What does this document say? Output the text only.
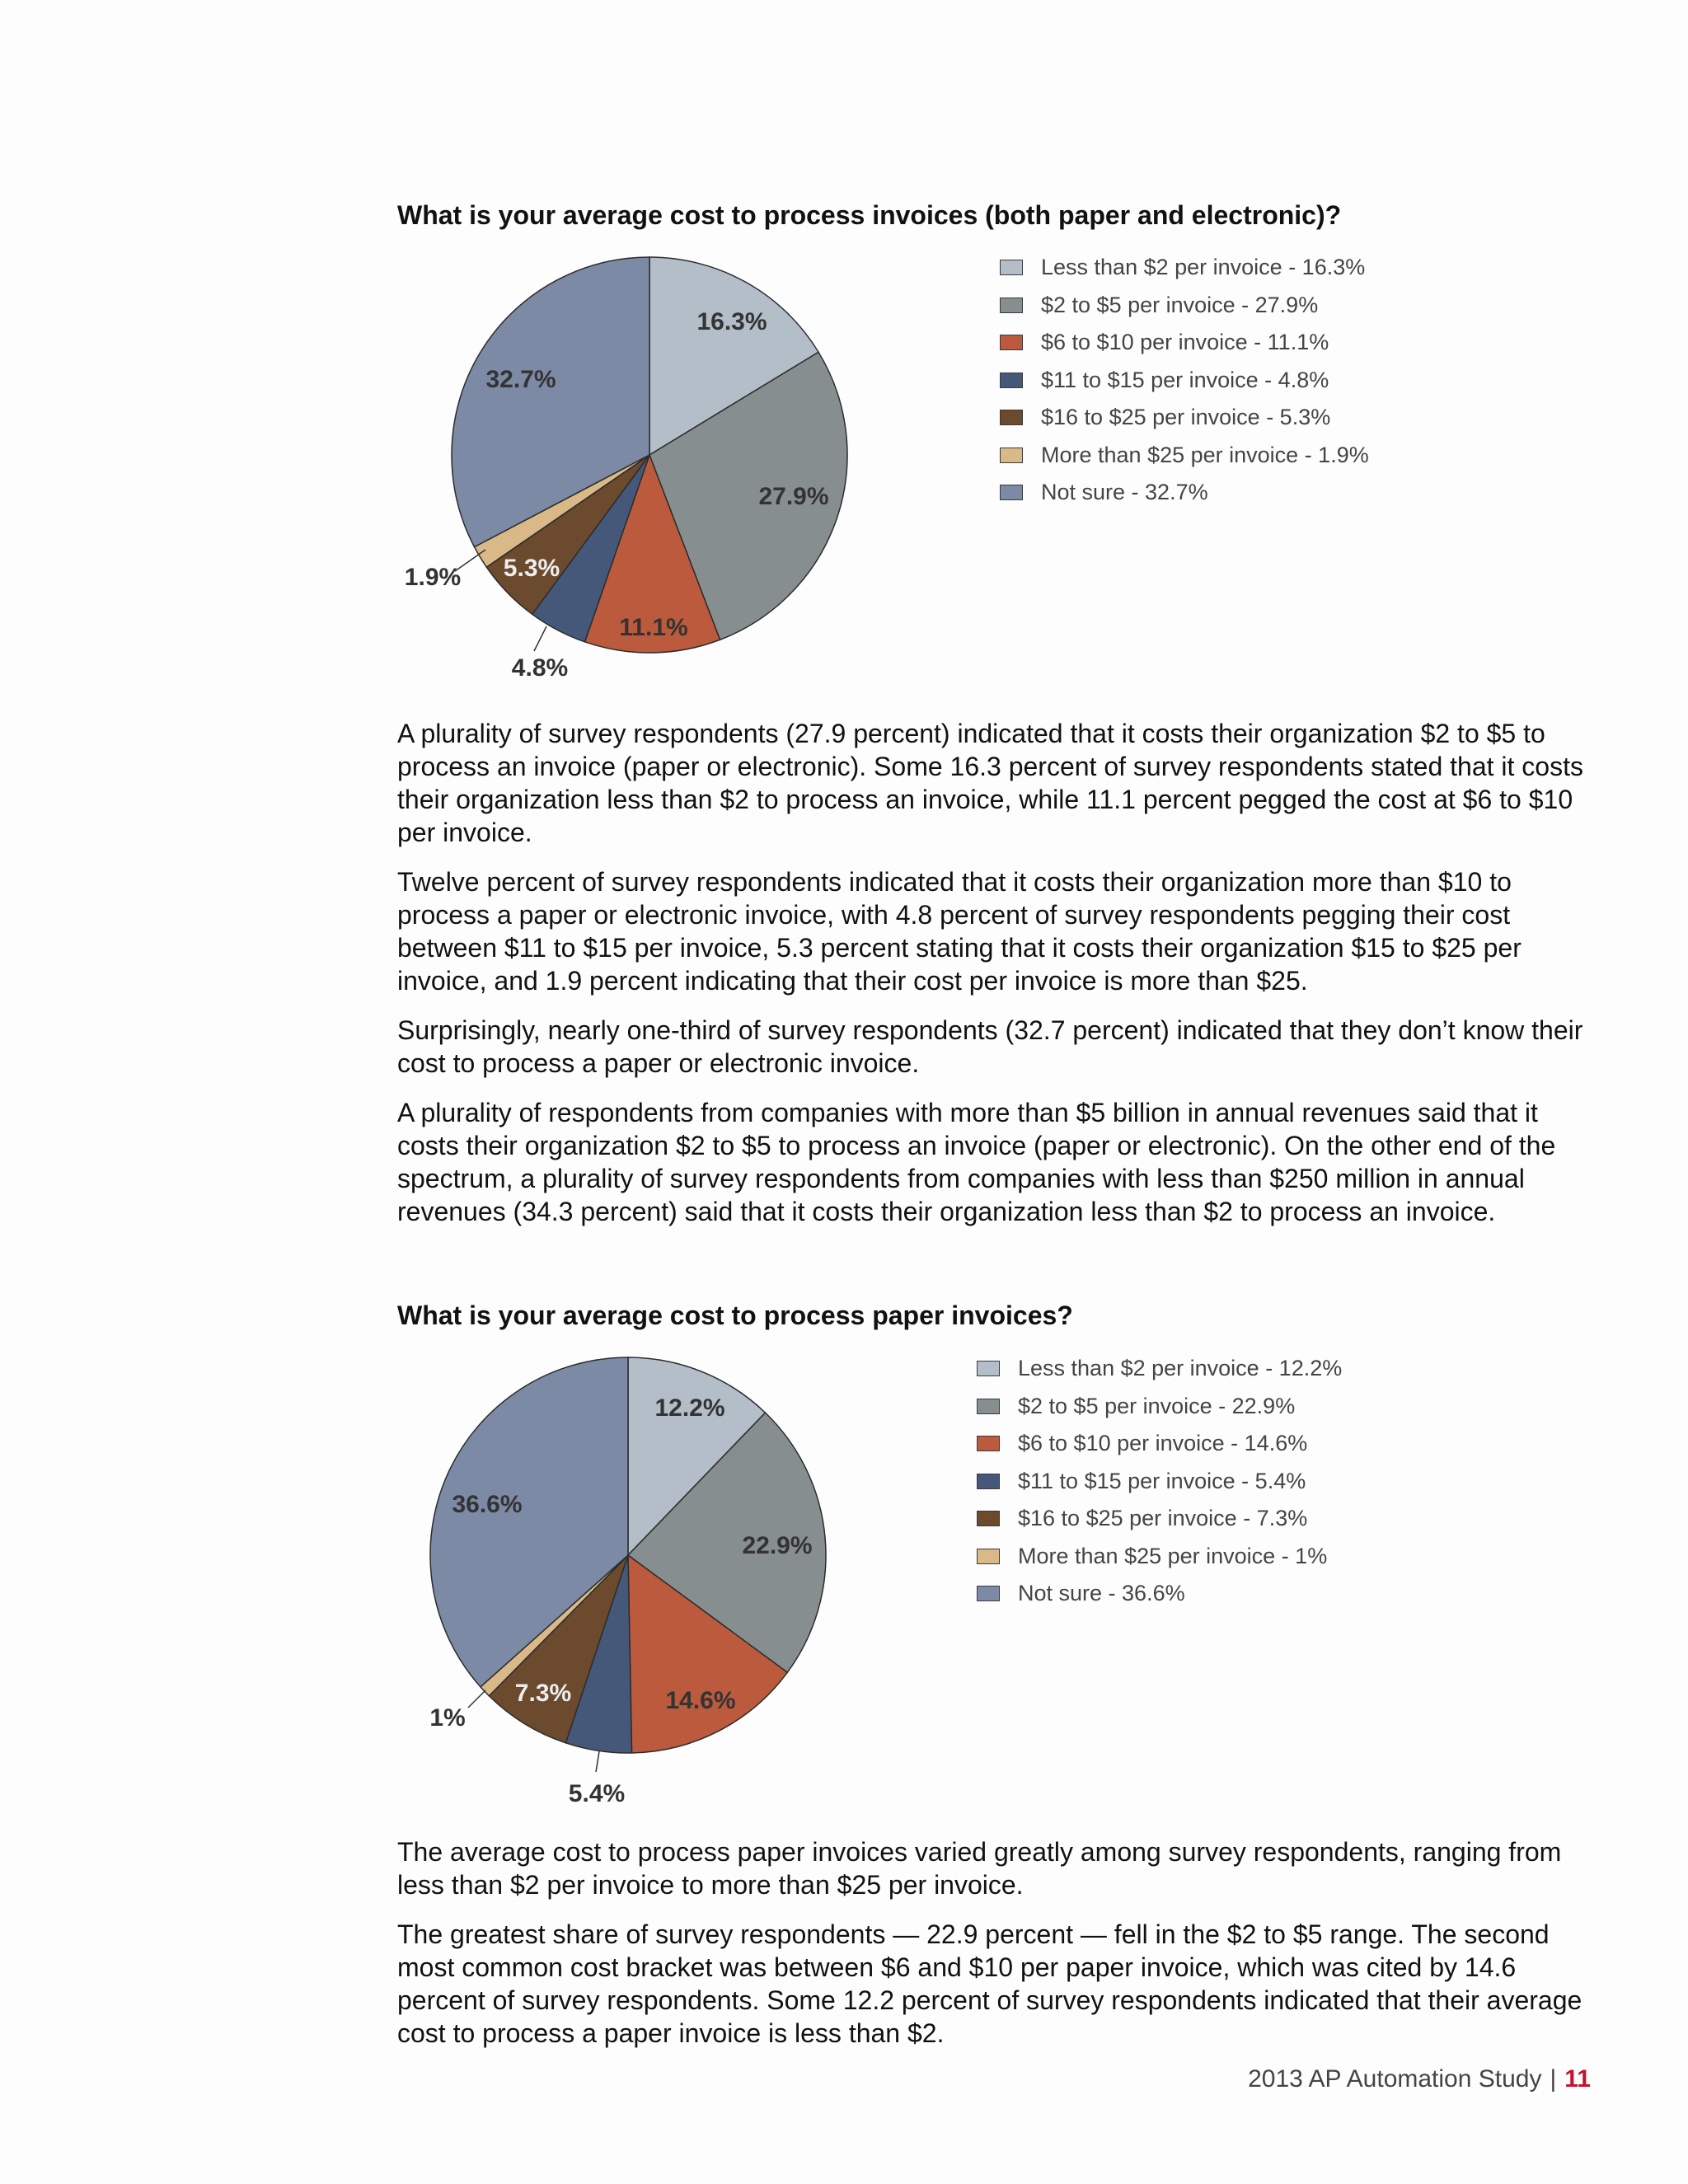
What is your average cost to process invoices (both paper and electronic)?
16.3%
27.9%
11.1%
4.8%
5.3%
1.9%
32.7%
Less than $2 per invoice - 16.3%
$2 to $5 per invoice - 27.9%
$6 to $10 per invoice - 11.1%
$11 to $15 per invoice - 4.8%
$16 to $25 per invoice - 5.3%
More than $25 per invoice - 1.9%
Not sure - 32.7%

A plurality of survey respondents (27.9 percent) indicated that it costs their organization $2 to $5 to process an invoice (paper or electronic). Some 16.3 percent of survey respondents stated that it costs their organization less than $2 to process an invoice, while 11.1 percent pegged the cost at $6 to $10 per invoice.

Twelve percent of survey respondents indicated that it costs their organization more than $10 to process a paper or electronic invoice, with 4.8 percent of survey respondents pegging their cost between $11 to $15 per invoice, 5.3 percent stating that it costs their organization $15 to $25 per invoice, and 1.9 percent indicating that their cost per invoice is more than $25.

Surprisingly, nearly one-third of survey respondents (32.7 percent) indicated that they don’t know their cost to process a paper or electronic invoice.

A plurality of respondents from companies with more than $5 billion in annual revenues said that it costs their organization $2 to $5 to process an invoice (paper or electronic). On the other end of the spectrum, a plurality of survey respondents from companies with less than $250 million in annual revenues (34.3 percent) said that it costs their organization less than $2 to process an invoice.

What is your average cost to process paper invoices?
12.2%
22.9%
14.6%
5.4%
7.3%
1%
36.6%
Less than $2 per invoice - 12.2%
$2 to $5 per invoice - 22.9%
$6 to $10 per invoice - 14.6%
$11 to $15 per invoice - 5.4%
$16 to $25 per invoice - 7.3%
More than $25 per invoice - 1%
Not sure - 36.6%

The average cost to process paper invoices varied greatly among survey respondents, ranging from less than $2 per invoice to more than $25 per invoice.

The greatest share of survey respondents — 22.9 percent — fell in the $2 to $5 range. The second most common cost bracket was between $6 and $10 per paper invoice, which was cited by 14.6 percent of survey respondents. Some 12.2 percent of survey respondents indicated that their average cost to process a paper invoice is less than $2.

2013 AP Automation Study | 11
